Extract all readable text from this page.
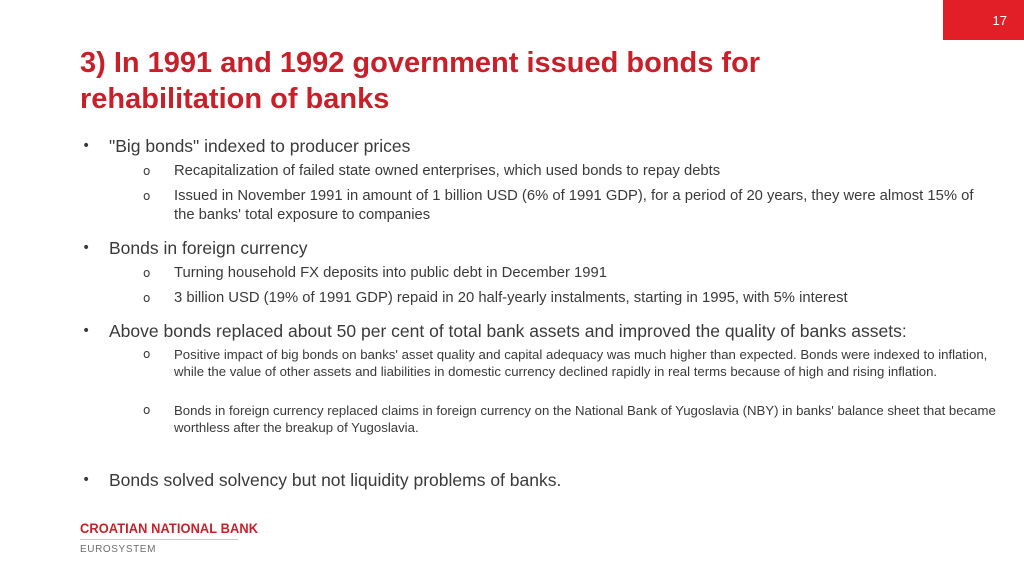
17
3) In 1991 and 1992 government issued bonds for rehabilitation of banks
• "Big bonds" indexed to producer prices
o Recapitalization of failed state owned enterprises, which used bonds to repay debts
o Issued in November 1991 in amount of 1 billion USD (6% of 1991 GDP), for a period of 20 years, they were almost 15% of the banks' total exposure to companies
• Bonds in foreign currency
o Turning household FX deposits into public debt in December 1991
o 3 billion USD (19% of 1991 GDP) repaid in 20 half-yearly instalments, starting in 1995, with 5% interest
• Above bonds replaced about 50 per cent of total bank assets and improved the quality of banks assets:
o Positive impact of big bonds on banks' asset quality and capital adequacy was much higher than expected. Bonds were indexed to inflation, while the value of other assets and liabilities in domestic currency declined rapidly in real terms because of high and rising inflation.
o Bonds in foreign currency replaced claims in foreign currency on the National Bank of Yugoslavia (NBY) in banks' balance sheet that became worthless after the breakup of Yugoslavia.
• Bonds solved solvency but not liquidity problems of banks.
CROATIAN NATIONAL BANK
EUROSYSTEM
